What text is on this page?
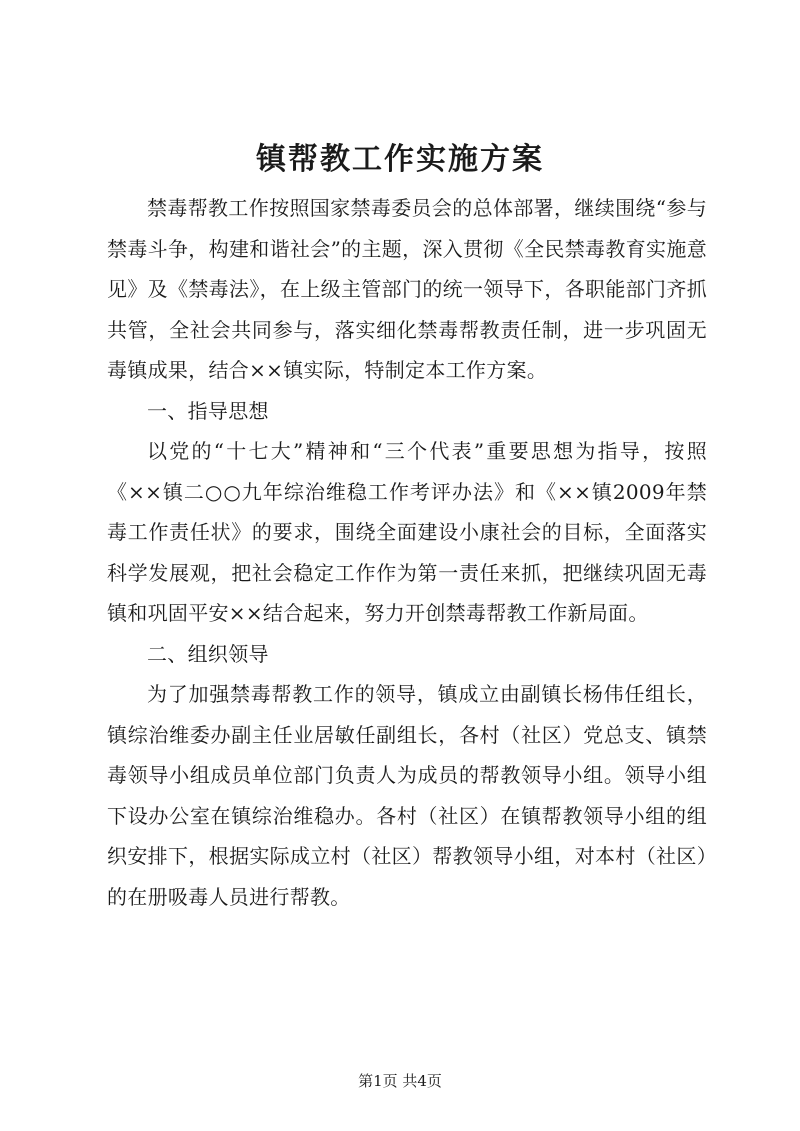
镇帮教工作实施方案

禁毒帮教工作按照国家禁毒委员会的总体部署，继续围绕“参与禁毒斗争，构建和谐社会”的主题，深入贯彻《全民禁毒教育实施意见》及《禁毒法》，在上级主管部门的统一领导下，各职能部门齐抓共管，全社会共同参与，落实细化禁毒帮教责任制，进一步巩固无毒镇成果，结合××镇实际，特制定本工作方案。

一、指导思想

以党的“十七大”精神和“三个代表”重要思想为指导，按照《××镇二○○九年综治维稳工作考评办法》和《××镇2009年禁毒工作责任状》的要求，围绕全面建设小康社会的目标，全面落实科学发展观，把社会稳定工作作为第一责任来抓，把继续巩固无毒镇和巩固平安××结合起来，努力开创禁毒帮教工作新局面。

二、组织领导

为了加强禁毒帮教工作的领导，镇成立由副镇长杨伟任组长，镇综治维委办副主任业居敏任副组长，各村（社区）党总支、镇禁毒领导小组成员单位部门负责人为成员的帮教领导小组。领导小组下设办公室在镇综治维稳办。各村（社区）在镇帮教领导小组的组织安排下，根据实际成立村（社区）帮教领导小组，对本村（社区）的在册吸毒人员进行帮教。

第1页 共4页
